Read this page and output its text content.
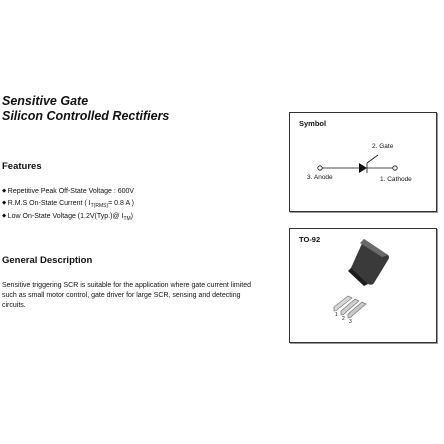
Sensitive Gate
Silicon Controlled Rectifiers
Features
◆ Repetitive Peak Off-State Voltage : 600V
◆ R.M.S On-State Current ( $I_{T(RMS)}= 0.8$ A )
◆ Low On-State Voltage (1.2V(Typ.)@ $I_{TM}$)
General Description

Sensitive triggering SCR is suitable for the application where gate current limited such as small motor control, gate driver for large SCR, sensing and detecting circuits.

Symbol
2. Gate
3. Anode	1. Cathode
TO-92
1
2 3
